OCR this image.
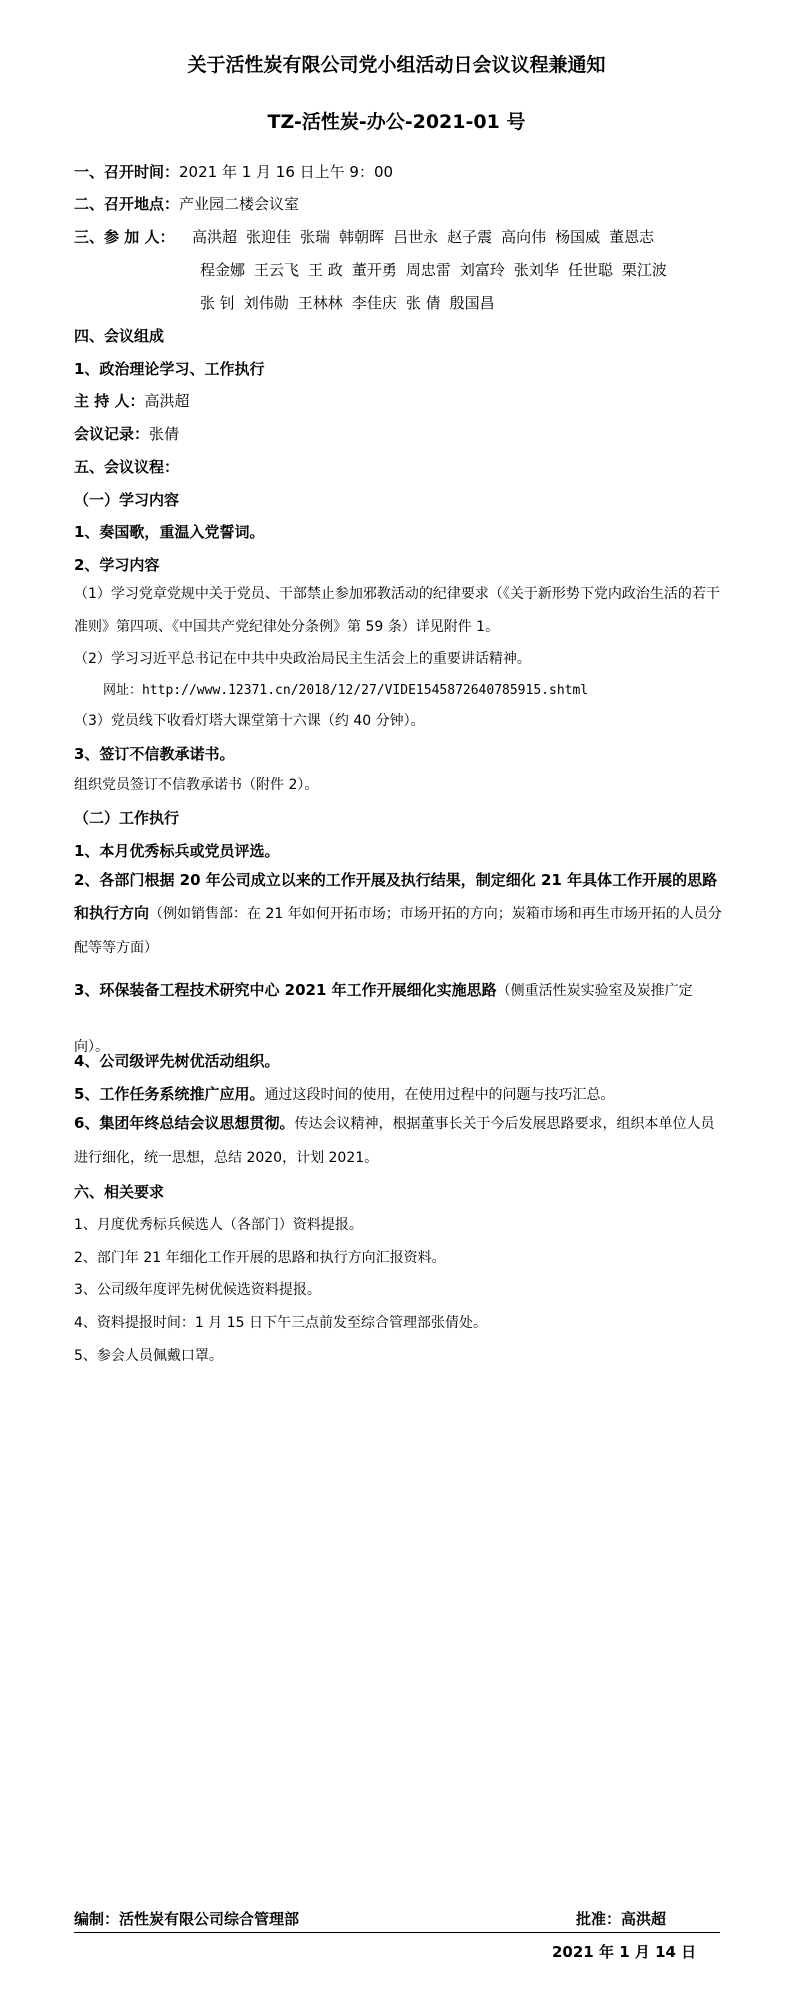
关于活性炭有限公司党小组活动日会议议程兼通知
TZ-活性炭-办公-2021-01 号
一、召开时间：2021 年 1 月 16 日上午 9：00
二、召开地点：产业园二楼会议室
三、参 加 人：	高洪超 张迎佳 张瑞 韩朝晖 吕世永 赵子震 高向伟 杨国威 董恩志
程金娜 王云飞 王 政 董开勇 周忠雷 刘富玲 张刘华 任世聪 栗江波
张 钊 刘伟勋 王林林 李佳庆 张 倩 殷国昌
四、会议组成
1、政治理论学习、工作执行
主 持 人：高洪超
会议记录：张倩
五、会议议程：
（一）学习内容
1、奏国歌，重温入党誓词。
2、学习内容
（1）学习党章党规中关于党员、干部禁止参加邪教活动的纪律要求（《关于新形势下党内政治生活的若干准则》第四项、《中国共产党纪律处分条例》第 59 条）详见附件 1。
（2）学习习近平总书记在中共中央政治局民主生活会上的重要讲话精神。
网址：http://www.12371.cn/2018/12/27/VIDE1545872640785915.shtml
（3）党员线下收看灯塔大课堂第十六课（约 40 分钟）。
3、签订不信教承诺书。
组织党员签订不信教承诺书（附件 2）。
（二）工作执行
1、本月优秀标兵或党员评选。
2、各部门根据 20 年公司成立以来的工作开展及执行结果，制定细化 21 年具体工作开展的思路和执行方向（例如销售部：在 21 年如何开拓市场；市场开拓的方向；炭箱市场和再生市场开拓的人员分配等等方面）
3、环保装备工程技术研究中心 2021 年工作开展细化实施思路（侧重活性炭实验室及炭推广定向）。
4、公司级评先树优活动组织。
5、工作任务系统推广应用。通过这段时间的使用，在使用过程中的问题与技巧汇总。
6、集团年终总结会议思想贯彻。传达会议精神，根据董事长关于今后发展思路要求，组织本单位人员进行细化，统一思想，总结 2020，计划 2021。
六、相关要求
1、月度优秀标兵候选人（各部门）资料提报。
2、部门年 21 年细化工作开展的思路和执行方向汇报资料。
3、公司级年度评先树优候选资料提报。
4、资料提报时间：1 月 15 日下午三点前发至综合管理部张倩处。
5、参会人员佩戴口罩。
编制：活性炭有限公司综合管理部	批准：高洪超
2021 年 1 月 14 日
